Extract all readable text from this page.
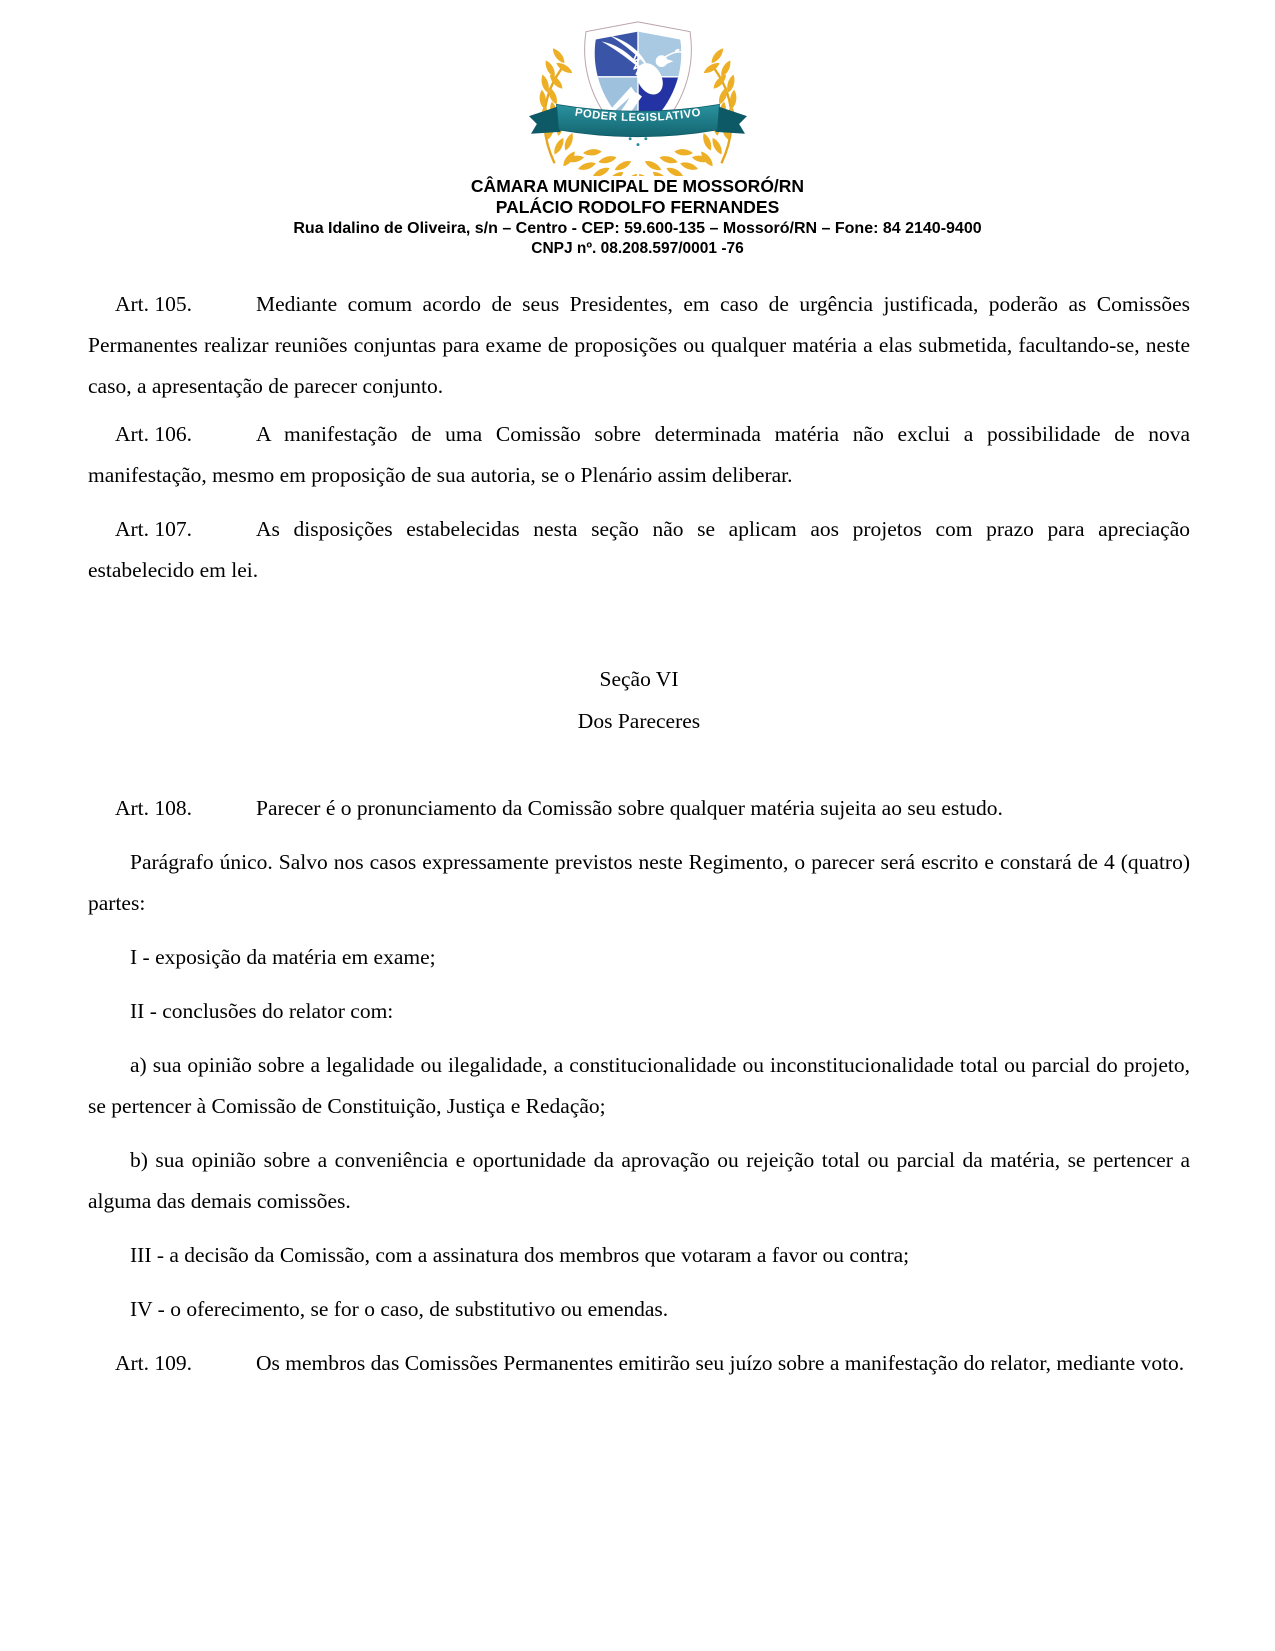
PODER LEGISLATIVO
CÂMARA MUNICIPAL DE MOSSORÓ/RN
PALÁCIO RODOLFO FERNANDES
Rua Idalino de Oliveira, s/n – Centro - CEP: 59.600-135 – Mossoró/RN – Fone: 84 2140-9400
CNPJ nº. 08.208.597/0001 -76

Art. 105.	Mediante comum acordo de seus Presidentes, em caso de urgência justificada, poderão as Comissões Permanentes realizar reuniões conjuntas para exame de proposições ou qualquer matéria a elas submetida, facultando-se, neste caso, a apresentação de parecer conjunto.

Art. 106.	A manifestação de uma Comissão sobre determinada matéria não exclui a possibilidade de nova manifestação, mesmo em proposição de sua autoria, se o Plenário assim deliberar.

Art. 107.	As disposições estabelecidas nesta seção não se aplicam aos projetos com prazo para apreciação estabelecido em lei.

Seção VI

Dos Pareceres

Art. 108.	Parecer é o pronunciamento da Comissão sobre qualquer matéria sujeita ao seu estudo.

Parágrafo único. Salvo nos casos expressamente previstos neste Regimento, o parecer será escrito e constará de 4 (quatro) partes:

I - exposição da matéria em exame;

II - conclusões do relator com:

a) sua opinião sobre a legalidade ou ilegalidade, a constitucionalidade ou inconstitucionalidade total ou parcial do projeto, se pertencer à Comissão de Constituição, Justiça e Redação;

b) sua opinião sobre a conveniência e oportunidade da aprovação ou rejeição total ou parcial da matéria, se pertencer a alguma das demais comissões.

III - a decisão da Comissão, com a assinatura dos membros que votaram a favor ou contra;

IV - o oferecimento, se for o caso, de substitutivo ou emendas.

Art. 109.	Os membros das Comissões Permanentes emitirão seu juízo sobre a manifestação do relator, mediante voto.
